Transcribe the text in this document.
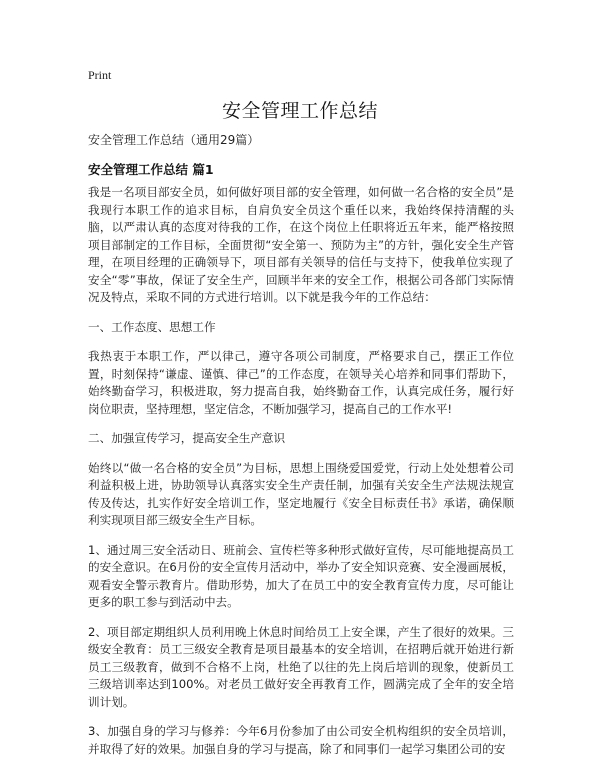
Print
安全管理工作总结
安全管理工作总结（通用29篇）
安全管理工作总结 篇1

我是一名项目部安全员，如何做好项目部的安全管理，如何做一名合格的安全员”是我现行本职工作的追求目标，自肩负安全员这个重任以来，我始终保持清醒的头脑，以严肃认真的态度对待我的工作，在这个岗位上任职将近五年来，能严格按照项目部制定的工作目标，全面贯彻“安全第一、预防为主”的方针，强化安全生产管理，在项目经理的正确领导下，项目部有关领导的信任与支持下，使我单位实现了安全“零”事故，保证了安全生产，回顾半年来的安全工作，根据公司各部门实际情况及特点，采取不同的方式进行培训。以下就是我今年的工作总结：

一、工作态度、思想工作

我热衷于本职工作，严以律己，遵守各项公司制度，严格要求自己，摆正工作位置，时刻保持“谦虚、谨慎、律己”的工作态度，在领导关心培养和同事们帮助下，始终勤奋学习，积极进取，努力提高自我，始终勤奋工作，认真完成任务，履行好岗位职责，坚持理想，坚定信念，不断加强学习，提高自己的工作水平!

二、加强宣传学习，提高安全生产意识

始终以“做一名合格的安全员”为目标，思想上围绕爱国爱党，行动上处处想着公司利益积极上进，协助领导认真落实安全生产责任制，加强有关安全生产法规法规宣传及传达，扎实作好安全培训工作，坚定地履行《安全目标责任书》承诺，确保顺利实现项目部三级安全生产目标。

1、通过周三安全活动日、班前会、宣传栏等多种形式做好宣传，尽可能地提高员工的安全意识。在6月份的安全宣传月活动中，举办了安全知识竞赛、安全漫画展板，观看安全警示教育片。借助形势，加大了在员工中的安全教育宣传力度，尽可能让更多的职工参与到活动中去。

2、项目部定期组织人员利用晚上休息时间给员工上安全课，产生了很好的效果。三级安全教育：员工三级安全教育是项目最基本的安全培训，在招聘后就开始进行新员工三级教育，做到不合格不上岗，杜绝了以往的先上岗后培训的现象，使新员工三级培训率达到100%。对老员工做好安全再教育工作，圆满完成了全年的安全培训计划。

3、加强自身的学习与修养：今年6月份参加了由公司安全机构组织的安全员培训，并取得了好的效果。加强自身的学习与提高，除了和同事们一起学习集团公司的安
